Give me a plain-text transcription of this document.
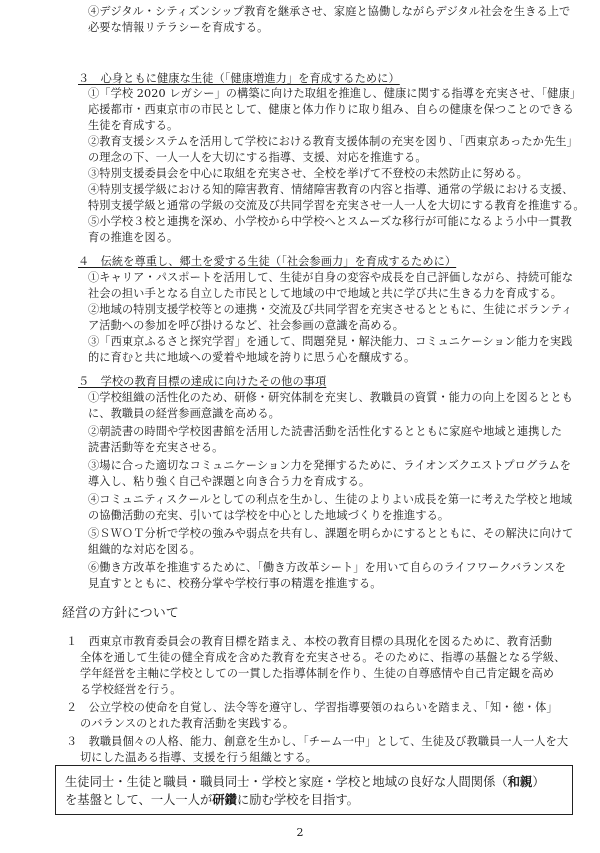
④デジタル・シティズンシップ教育を継承させ、家庭と協働しながらデジタル社会を生きる上で
必要な情報リテラシーを育成する。
３　心身ともに健康な生徒（「健康増進力」を育成するために）
①「学校 2020 レガシー」の構築に向けた取組を推進し、健康に関する指導を充実させ、「健康」
応援都市・西東京市の市民として、健康と体力作りに取り組み、自らの健康を保つことのできる
生徒を育成する。
②教育支援システムを活用して学校における教育支援体制の充実を図り、「西東京あったか先生」
の理念の下、一人一人を大切にする指導、支援、対応を推進する。
③特別支援委員会を中心に取組を充実させ、全校を挙げて不登校の未然防止に努める。
④特別支援学級における知的障害教育、情緒障害教育の内容と指導、通常の学級における支援、
特別支援学級と通常の学級の交流及び共同学習を充実させ一人一人を大切にする教育を推進する。
⑤小学校３校と連携を深め、小学校から中学校へとスムーズな移行が可能になるよう小中一貫教
育の推進を図る。
４　伝統を尊重し、郷土を愛する生徒（「社会参画力」を育成するために）
①キャリア・パスポートを活用して、生徒が自身の変容や成長を自己評価しながら、持続可能な
社会の担い手となる自立した市民として地域の中で地域と共に学び共に生きる力を育成する。
②地域の特別支援学校等との連携・交流及び共同学習を充実させるとともに、生徒にボランティ
ア活動への参加を呼び掛けるなど、社会参画の意識を高める。
③「西東京ふるさと探究学習」を通して、問題発見・解決能力、コミュニケーション能力を実践
的に育むと共に地域への愛着や地域を誇りに思う心を醸成する。
５　学校の教育目標の達成に向けたその他の事項
①学校組織の活性化のため、研修・研究体制を充実し、教職員の資質・能力の向上を図るととも
に、教職員の経営参画意識を高める。
②朝読書の時間や学校図書館を活用した読書活動を活性化するとともに家庭や地域と連携した
読書活動等を充実させる。
③場に合った適切なコミュニケーション力を発揮するために、ライオンズクエストプログラムを
導入し、粘り強く自己や課題と向き合う力を育成する。
④コミュニティスクールとしての利点を生かし、生徒のよりよい成長を第一に考えた学校と地域
の協働活動の充実、引いては学校を中心とした地域づくりを推進する。
⑤ＳＷＯＴ分析で学校の強みや弱点を共有し、課題を明らかにするとともに、その解決に向けて
組織的な対応を図る。
⑥働き方改革を推進するために、「働き方改革シート」を用いて自らのライフワークバランスを
見直すとともに、校務分掌や学校行事の精選を推進する。
経営の方針について
１　西東京市教育委員会の教育目標を踏まえ、本校の教育目標の具現化を図るために、教育活動
全体を通して生徒の健全育成を含めた教育を充実させる。そのために、指導の基盤となる学級、
学年経営を主軸に学校としての一貫した指導体制を作り、生徒の自尊感情や自己肯定観を高め
る学校経営を行う。
２　公立学校の使命を自覚し、法令等を遵守し、学習指導要領のねらいを踏まえ、「知・徳・体」
のバランスのとれた教育活動を実践する。
３　教職員個々の人格、能力、創意を生かし、「チーム一中」として、生徒及び教職員一人一人を大
切にした温ある指導、支援を行う組織とする。
生徒同士・生徒と職員・職員同士・学校と家庭・学校と地域の良好な人間関係（和親）
を基盤として、一人一人が研鑽に励む学校を目指す。
2
